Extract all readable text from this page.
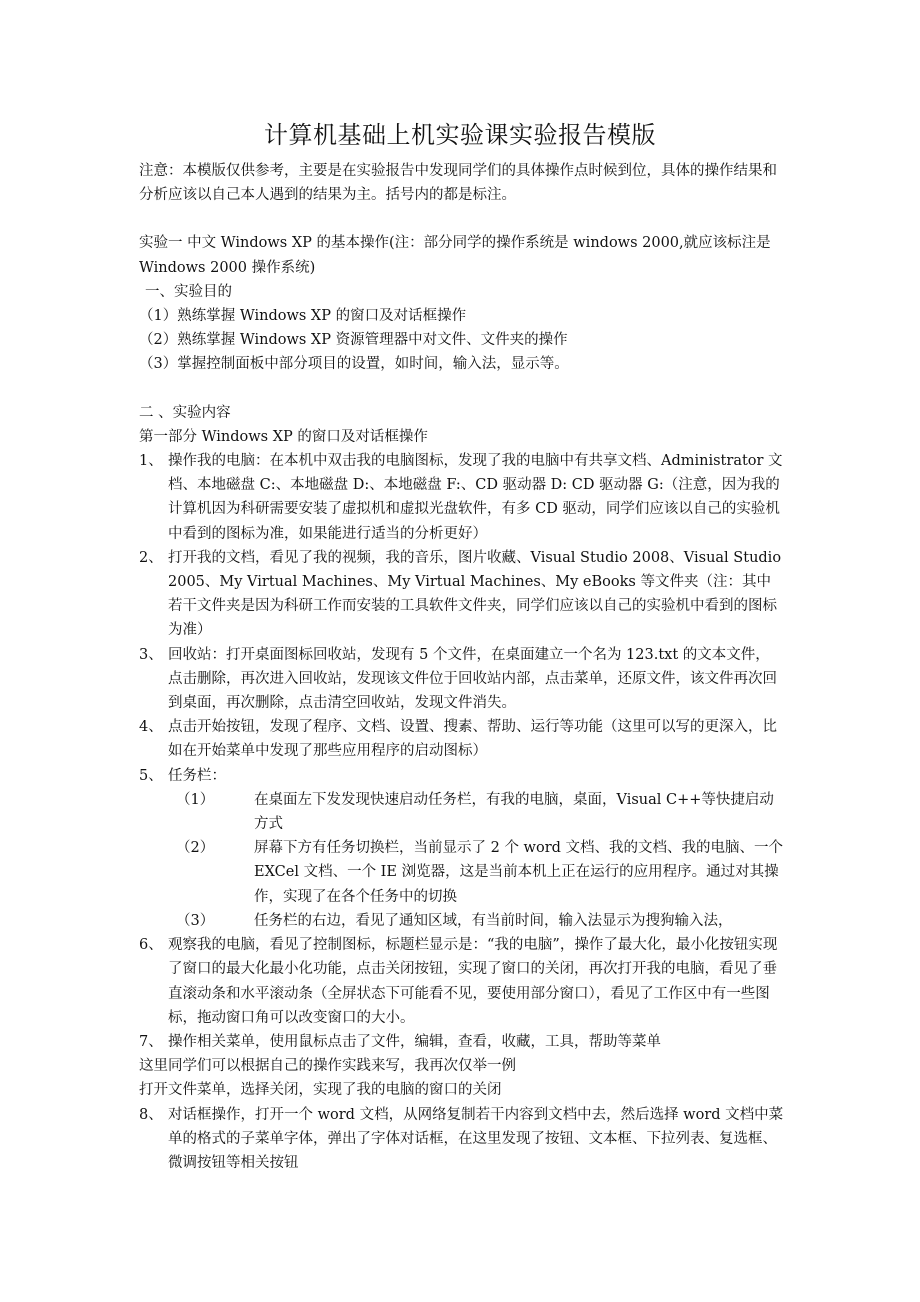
计算机基础上机实验课实验报告模版

注意：本模版仅供参考，主要是在实验报告中发现同学们的具体操作点时候到位，具体的操作结果和分析应该以自己本人遇到的结果为主。括号内的都是标注。

实验一 中文 Windows XP 的基本操作(注：部分同学的操作系统是 windows 2000,就应该标注是 Windows 2000 操作系统)

一、实验目的

（1）熟练掌握 Windows XP 的窗口及对话框操作

（2）熟练掌握 Windows XP 资源管理器中对文件、文件夹的操作

（3）掌握控制面板中部分项目的设置，如时间，输入法，显示等。

二 、实验内容

第一部分 Windows XP 的窗口及对话框操作

1、 操作我的电脑：在本机中双击我的电脑图标，发现了我的电脑中有共享文档、Administrator 文档、本地磁盘 C:、本地磁盘 D:、本地磁盘 F:、CD 驱动器 D: CD 驱动器 G:（注意，因为我的计算机因为科研需要安装了虚拟机和虚拟光盘软件，有多 CD 驱动，同学们应该以自己的实验机中看到的图标为准，如果能进行适当的分析更好）
2、 打开我的文档，看见了我的视频，我的音乐，图片收藏、Visual Studio 2008、Visual Studio 2005、My Virtual Machines、My Virtual Machines、My eBooks 等文件夹（注：其中若干文件夹是因为科研工作而安装的工具软件文件夹，同学们应该以自己的实验机中看到的图标为准）
3、 回收站：打开桌面图标回收站，发现有 5 个文件，在桌面建立一个名为 123.txt 的文本文件，点击删除，再次进入回收站，发现该文件位于回收站内部，点击菜单，还原文件，该文件再次回到桌面，再次删除，点击清空回收站，发现文件消失。
4、 点击开始按钮，发现了程序、文档、设置、搜素、帮助、运行等功能（这里可以写的更深入，比如在开始菜单中发现了那些应用程序的启动图标）
5、 任务栏：
（1）	在桌面左下发发现快速启动任务栏，有我的电脑，桌面，Visual C++等快捷启动方式
（2）	屏幕下方有任务切换栏，当前显示了 2 个 word 文档、我的文档、我的电脑、一个 EXCel 文档、一个 IE 浏览器，这是当前本机上正在运行的应用程序。通过对其操作，实现了在各个任务中的切换
（3）	任务栏的右边，看见了通知区域，有当前时间，输入法显示为搜狗输入法，
6、 观察我的电脑，看见了控制图标，标题栏显示是：“我的电脑”，操作了最大化，最小化按钮实现了窗口的最大化最小化功能，点击关闭按钮，实现了窗口的关闭，再次打开我的电脑，看见了垂直滚动条和水平滚动条（全屏状态下可能看不见，要使用部分窗口），看见了工作区中有一些图标，拖动窗口角可以改变窗口的大小。
7、 操作相关菜单，使用鼠标点击了文件，编辑，查看，收藏，工具，帮助等菜单

这里同学们可以根据自己的操作实践来写，我再次仅举一例

打开文件菜单，选择关闭，实现了我的电脑的窗口的关闭

8、 对话框操作，打开一个 word 文档，从网络复制若干内容到文档中去，然后选择 word 文档中菜单的格式的子菜单字体，弹出了字体对话框，在这里发现了按钮、文本框、下拉列表、复选框、微调按钮等相关按钮
